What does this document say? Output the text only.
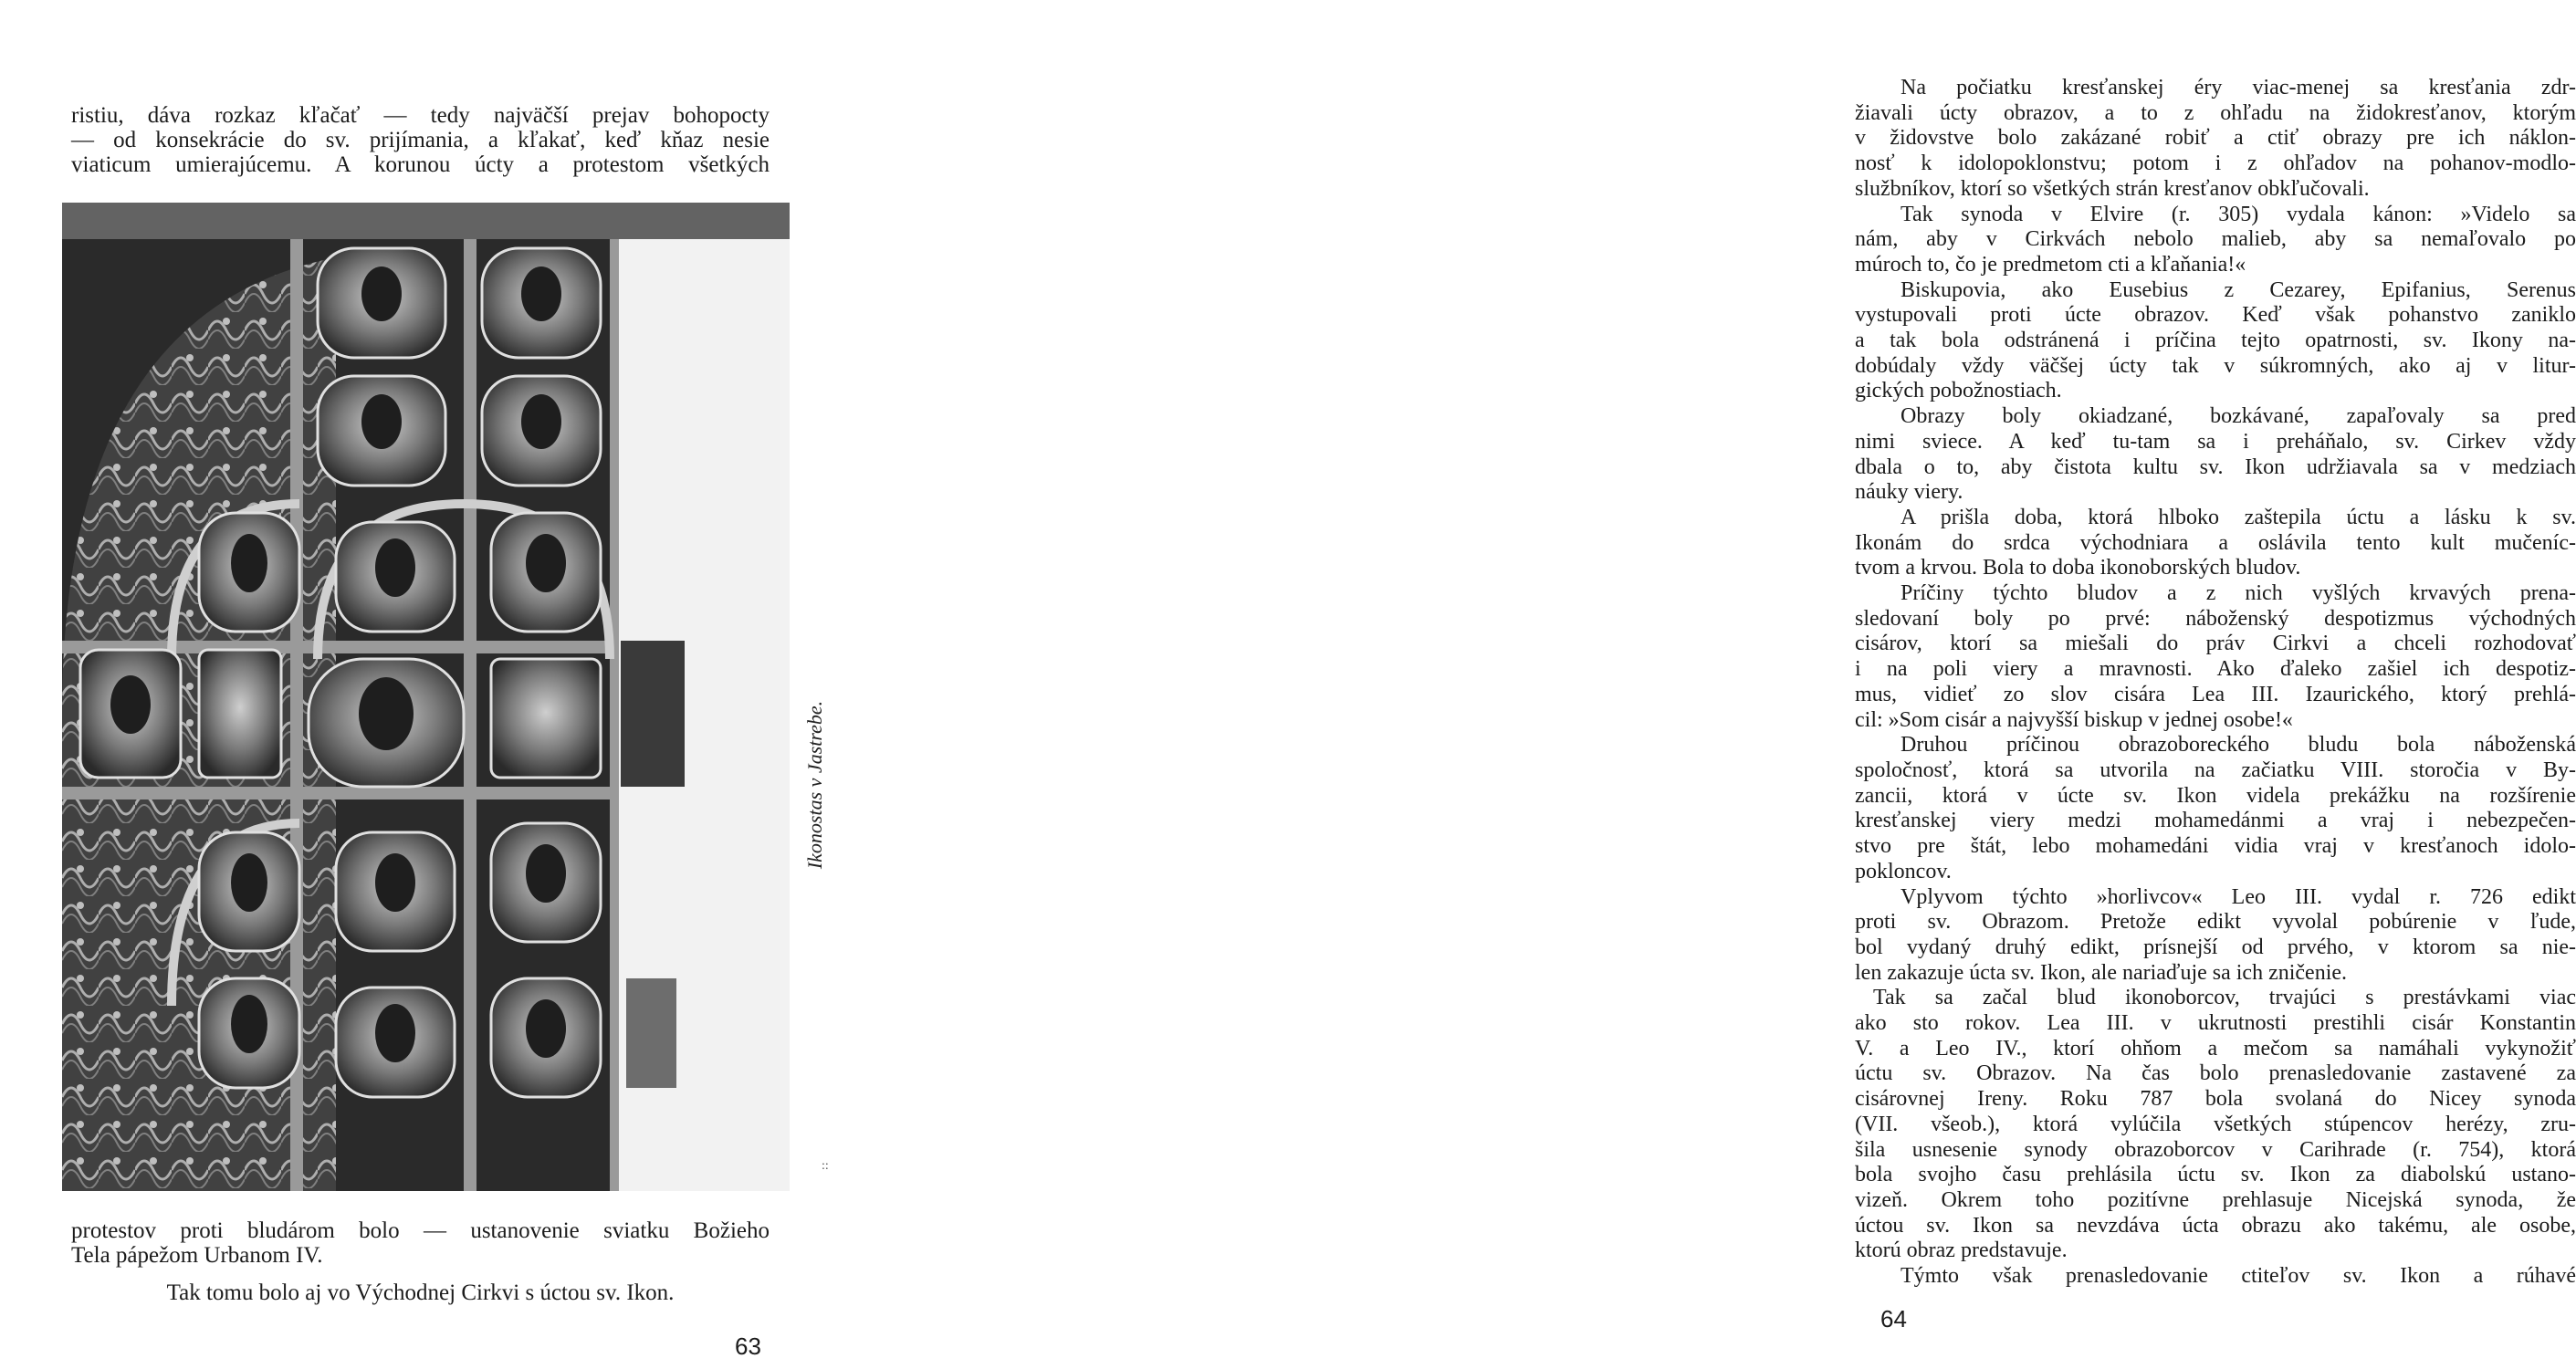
ristiu, dáva rozkaz kľačať — tedy najväčší prejav bohopocty

— od konsekrácie do sv. prijímania, a kľakať, keď kňaz nesie

viaticum umierajúcemu. A korunou úcty a protestom všetkých

Ikonostas v Jastrebe.
::

protestov proti bludárom bolo — ustanovenie sviatku Božieho

Tela pápežom Urbanom IV.

Tak tomu bolo aj vo Východnej Cirkvi s úctou sv. Ikon.

63

Na počiatku kresťanskej éry viac-menej sa kresťania zdr-

žiavali úcty obrazov, a to z ohľadu na židokresťanov, ktorým

v židovstve bolo zakázané robiť a ctiť obrazy pre ich náklon-

nosť k idolopoklonstvu; potom i z ohľadov na pohanov-modlo-

službníkov, ktorí so všetkých strán kresťanov obkľučovali.

Tak synoda v Elvire (r. 305) vydala kánon: »Videlo sa

nám, aby v Cirkvách nebolo malieb, aby sa nemaľovalo po

múroch to, čo je predmetom cti a kľaňania!«

Biskupovia, ako Eusebius z Cezarey, Epifanius, Serenus

vystupovali proti úcte obrazov. Keď však pohanstvo zaniklo

a tak bola odstránená i príčina tejto opatrnosti, sv. Ikony na-

dobúdaly vždy väčšej úcty tak v súkromných, ako aj v litur-

gických pobožnostiach.

Obrazy boly okiadzané, bozkávané, zapaľovaly sa pred

nimi sviece. A keď tu-tam sa i preháňalo, sv. Cirkev vždy

dbala o to, aby čistota kultu sv. Ikon udržiavala sa v medziach

náuky viery.

A prišla doba, ktorá hlboko zaštepila úctu a lásku k sv.

Ikonám do srdca východniara a oslávila tento kult mučeníc-

tvom a krvou. Bola to doba ikonoborských bludov.

Príčiny týchto bludov a z nich vyšlých krvavých prena-

sledovaní boly po prvé: náboženský despotizmus východných

cisárov, ktorí sa miešali do práv Cirkvi a chceli rozhodovať

i na poli viery a mravnosti. Ako ďaleko zašiel ich despotiz-

mus, vidieť zo slov cisára Lea III. Izaurického, ktorý prehlá-

cil: »Som cisár a najvyšší biskup v jednej osobe!«

Druhou príčinou obrazoboreckého bludu bola náboženská

spoločnosť, ktorá sa utvorila na začiatku VIII. storočia v By-

zancii, ktorá v úcte sv. Ikon videla prekážku na rozšírenie

kresťanskej viery medzi mohamedánmi a vraj i nebezpečen-

stvo pre štát, lebo mohamedáni vidia vraj v kresťanoch idolo-

pokloncov.

Vplyvom týchto »horlivcov« Leo III. vydal r. 726 edikt

proti sv. Obrazom. Pretože edikt vyvolal pobúrenie v ľude,

bol vydaný druhý edikt, prísnejší od prvého, v ktorom sa nie-

len zakazuje úcta sv. Ikon, ale nariaďuje sa ich zničenie.

Tak sa začal blud ikonoborcov, trvajúci s prestávkami viac

ako sto rokov. Lea III. v ukrutnosti prestihli cisár Konstantin

V. a Leo IV., ktorí ohňom a mečom sa namáhali vykynožiť

úctu sv. Obrazov. Na čas bolo prenasledovanie zastavené za

cisárovnej Ireny. Roku 787 bola svolaná do Nicey synoda

(VII. všeob.), ktorá vylúčila všetkých stúpencov herézy, zru-

šila usnesenie synody obrazoborcov v Carihrade (r. 754), ktorá

bola svojho času prehlásila úctu sv. Ikon za diabolskú ustano-

vizeň. Okrem toho pozitívne prehlasuje Nicejská synoda, že

úctou sv. Ikon sa nevzdáva úcta obrazu ako takému, ale osobe,

ktorú obraz predstavuje.

Týmto však prenasledovanie ctiteľov sv. Ikon a rúhavé

64
